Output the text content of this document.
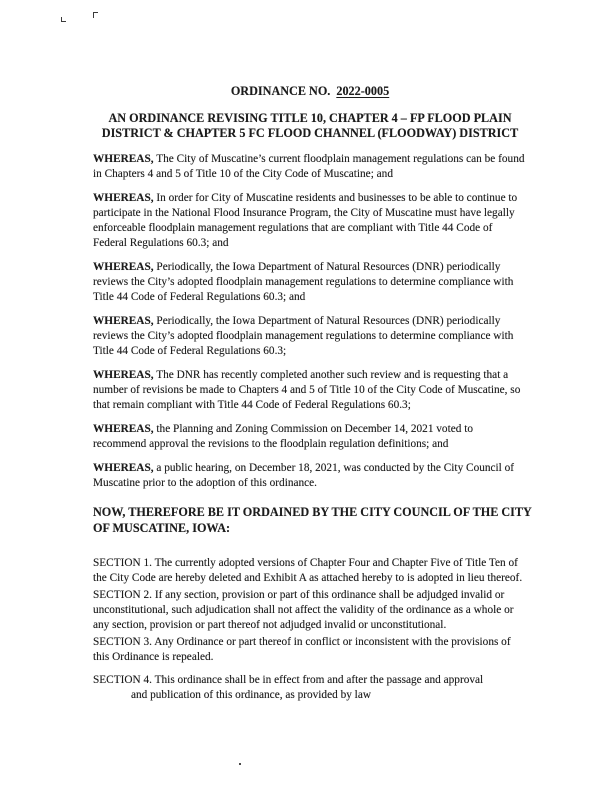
ORDINANCE NO. 2022-0005

AN ORDINANCE REVISING TITLE 10, CHAPTER 4 – FP FLOOD PLAIN
DISTRICT & CHAPTER 5 FC FLOOD CHANNEL (FLOODWAY) DISTRICT

WHEREAS, The City of Muscatine’s current floodplain management regulations can be found in Chapters 4 and 5 of Title 10 of the City Code of Muscatine; and

WHEREAS, In order for City of Muscatine residents and businesses to be able to continue to participate in the National Flood Insurance Program, the City of Muscatine must have legally enforceable floodplain management regulations that are compliant with Title 44 Code of Federal Regulations 60.3; and

WHEREAS, Periodically, the Iowa Department of Natural Resources (DNR) periodically reviews the City’s adopted floodplain management regulations to determine compliance with Title 44 Code of Federal Regulations 60.3; and

WHEREAS, Periodically, the Iowa Department of Natural Resources (DNR) periodically reviews the City’s adopted floodplain management regulations to determine compliance with Title 44 Code of Federal Regulations 60.3;

WHEREAS, The DNR has recently completed another such review and is requesting that a number of revisions be made to Chapters 4 and 5 of Title 10 of the City Code of Muscatine, so that remain compliant with Title 44 Code of Federal Regulations 60.3;

WHEREAS, the Planning and Zoning Commission on December 14, 2021 voted to recommend approval the revisions to the floodplain regulation definitions; and

WHEREAS, a public hearing, on December 18, 2021, was conducted by the City Council of Muscatine prior to the adoption of this ordinance.

NOW, THEREFORE BE IT ORDAINED BY THE CITY COUNCIL OF THE CITY
OF MUSCATINE, IOWA:

SECTION 1. The currently adopted versions of Chapter Four and Chapter Five of Title Ten of the City Code are hereby deleted and Exhibit A as attached hereby to is adopted in lieu thereof.

SECTION 2. If any section, provision or part of this ordinance shall be adjudged invalid or unconstitutional, such adjudication shall not affect the validity of the ordinance as a whole or any section, provision or part thereof not adjudged invalid or unconstitutional.

SECTION 3. Any Ordinance or part thereof in conflict or inconsistent with the provisions of this Ordinance is repealed.

SECTION 4. This ordinance shall be in effect from and after the passage and approval
and publication of this ordinance, as provided by law
